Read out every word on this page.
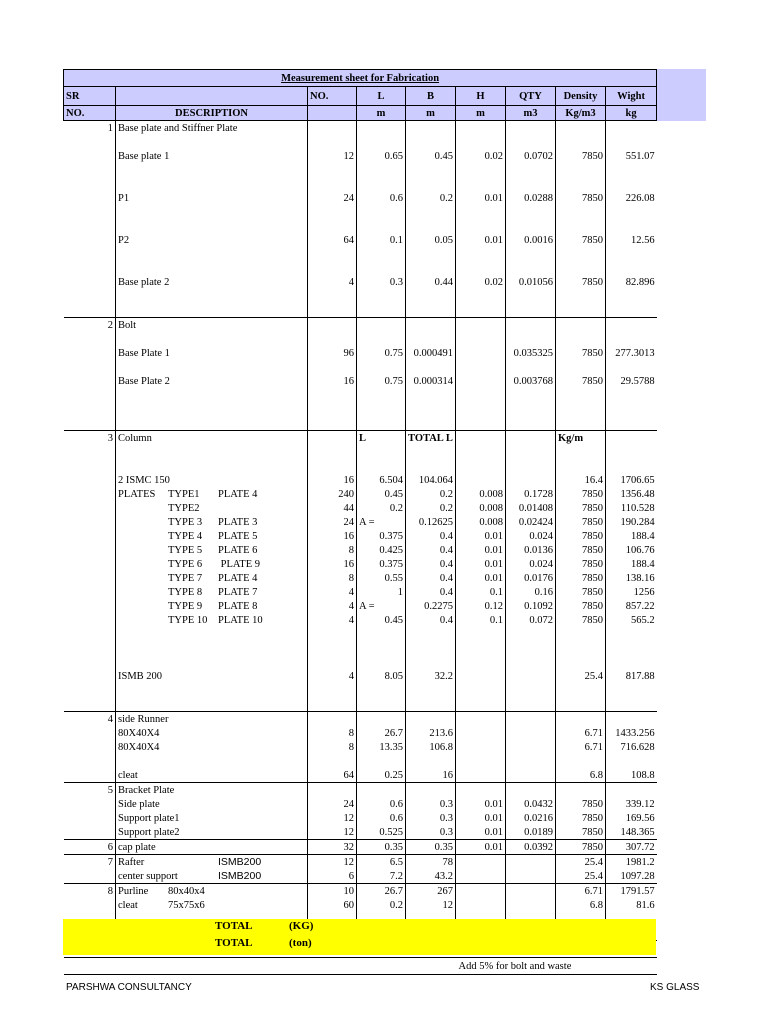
Measurement sheet for Fabrication								
SR		NO.	L	B	H	QTY	Density	Wight
NO.	DESCRIPTION		m	m	m	m3	Kg/m3	kg
1	Base plate and Stiffner Plate							

	Base plate 1	12	0.65	0.45	0.02	0.0702	7850	551.07

	P1	24	0.6	0.2	0.01	0.0288	7850	226.08

	P2	64	0.1	0.05	0.01	0.0016	7850	12.56

	Base plate 2	4	0.3	0.44	0.02	0.01056	7850	82.896

2	Bolt							

	Base Plate 1	96	0.75	0.000491		0.035325	7850	277.3013

	Base Plate 2	16	0.75	0.000314		0.003768	7850	29.5788

3	Column		L	TOTAL L			Kg/m	

	2 ISMC 150	16	6.504	104.064			16.4	1706.65
	PLATES TYPE1 PLATE 4	240	0.45	0.2	0.008	0.1728	7850	1356.48
	TYPE2	44	0.2	0.2	0.008	0.01408	7850	110.528
	TYPE 3 PLATE 3	24	A =	0.12625	0.008	0.02424	7850	190.284
	TYPE 4 PLATE 5	16	0.375	0.4	0.01	0.024	7850	188.4
	TYPE 5 PLATE 6	8	0.425	0.4	0.01	0.0136	7850	106.76
	TYPE 6 PLATE 9	16	0.375	0.4	0.01	0.024	7850	188.4
	TYPE 7 PLATE 4	8	0.55	0.4	0.01	0.0176	7850	138.16
	TYPE 8 PLATE 7	4	1	0.4	0.1	0.16	7850	1256
	TYPE 9 PLATE 8	4	A =	0.2275	0.12	0.1092	7850	857.22
	TYPE 10 PLATE 10	4	0.45	0.4	0.1	0.072	7850	565.2

	ISMB 200	4	8.05	32.2			25.4	817.88

4	side Runner							
	80X40X4	8	26.7	213.6			6.71	1433.256
	80X40X4	8	13.35	106.8			6.71	716.628

	cleat	64	0.25	16			6.8	108.8
5	Bracket Plate							
	Side plate	24	0.6	0.3	0.01	0.0432	7850	339.12
	Support plate1	12	0.6	0.3	0.01	0.0216	7850	169.56
	Support plate2	12	0.525	0.3	0.01	0.0189	7850	148.365
6	cap plate	32	0.35	0.35	0.01	0.0392	7850	307.72
7	Rafter ISMB200	12	6.5	78			25.4	1981.2
	center support ISMB200	6	7.2	43.2			25.4	1097.28
8	Purline 80x40x4	10	26.7	267			6.71	1791.57
	cleat 75x75x6	60	0.2	12			6.8	81.6

					Add 5% for bolt and waste			
TOTAL	(KG)
TOTAL	(ton)
PARSHWA CONSULTANCY	KS GLASS
